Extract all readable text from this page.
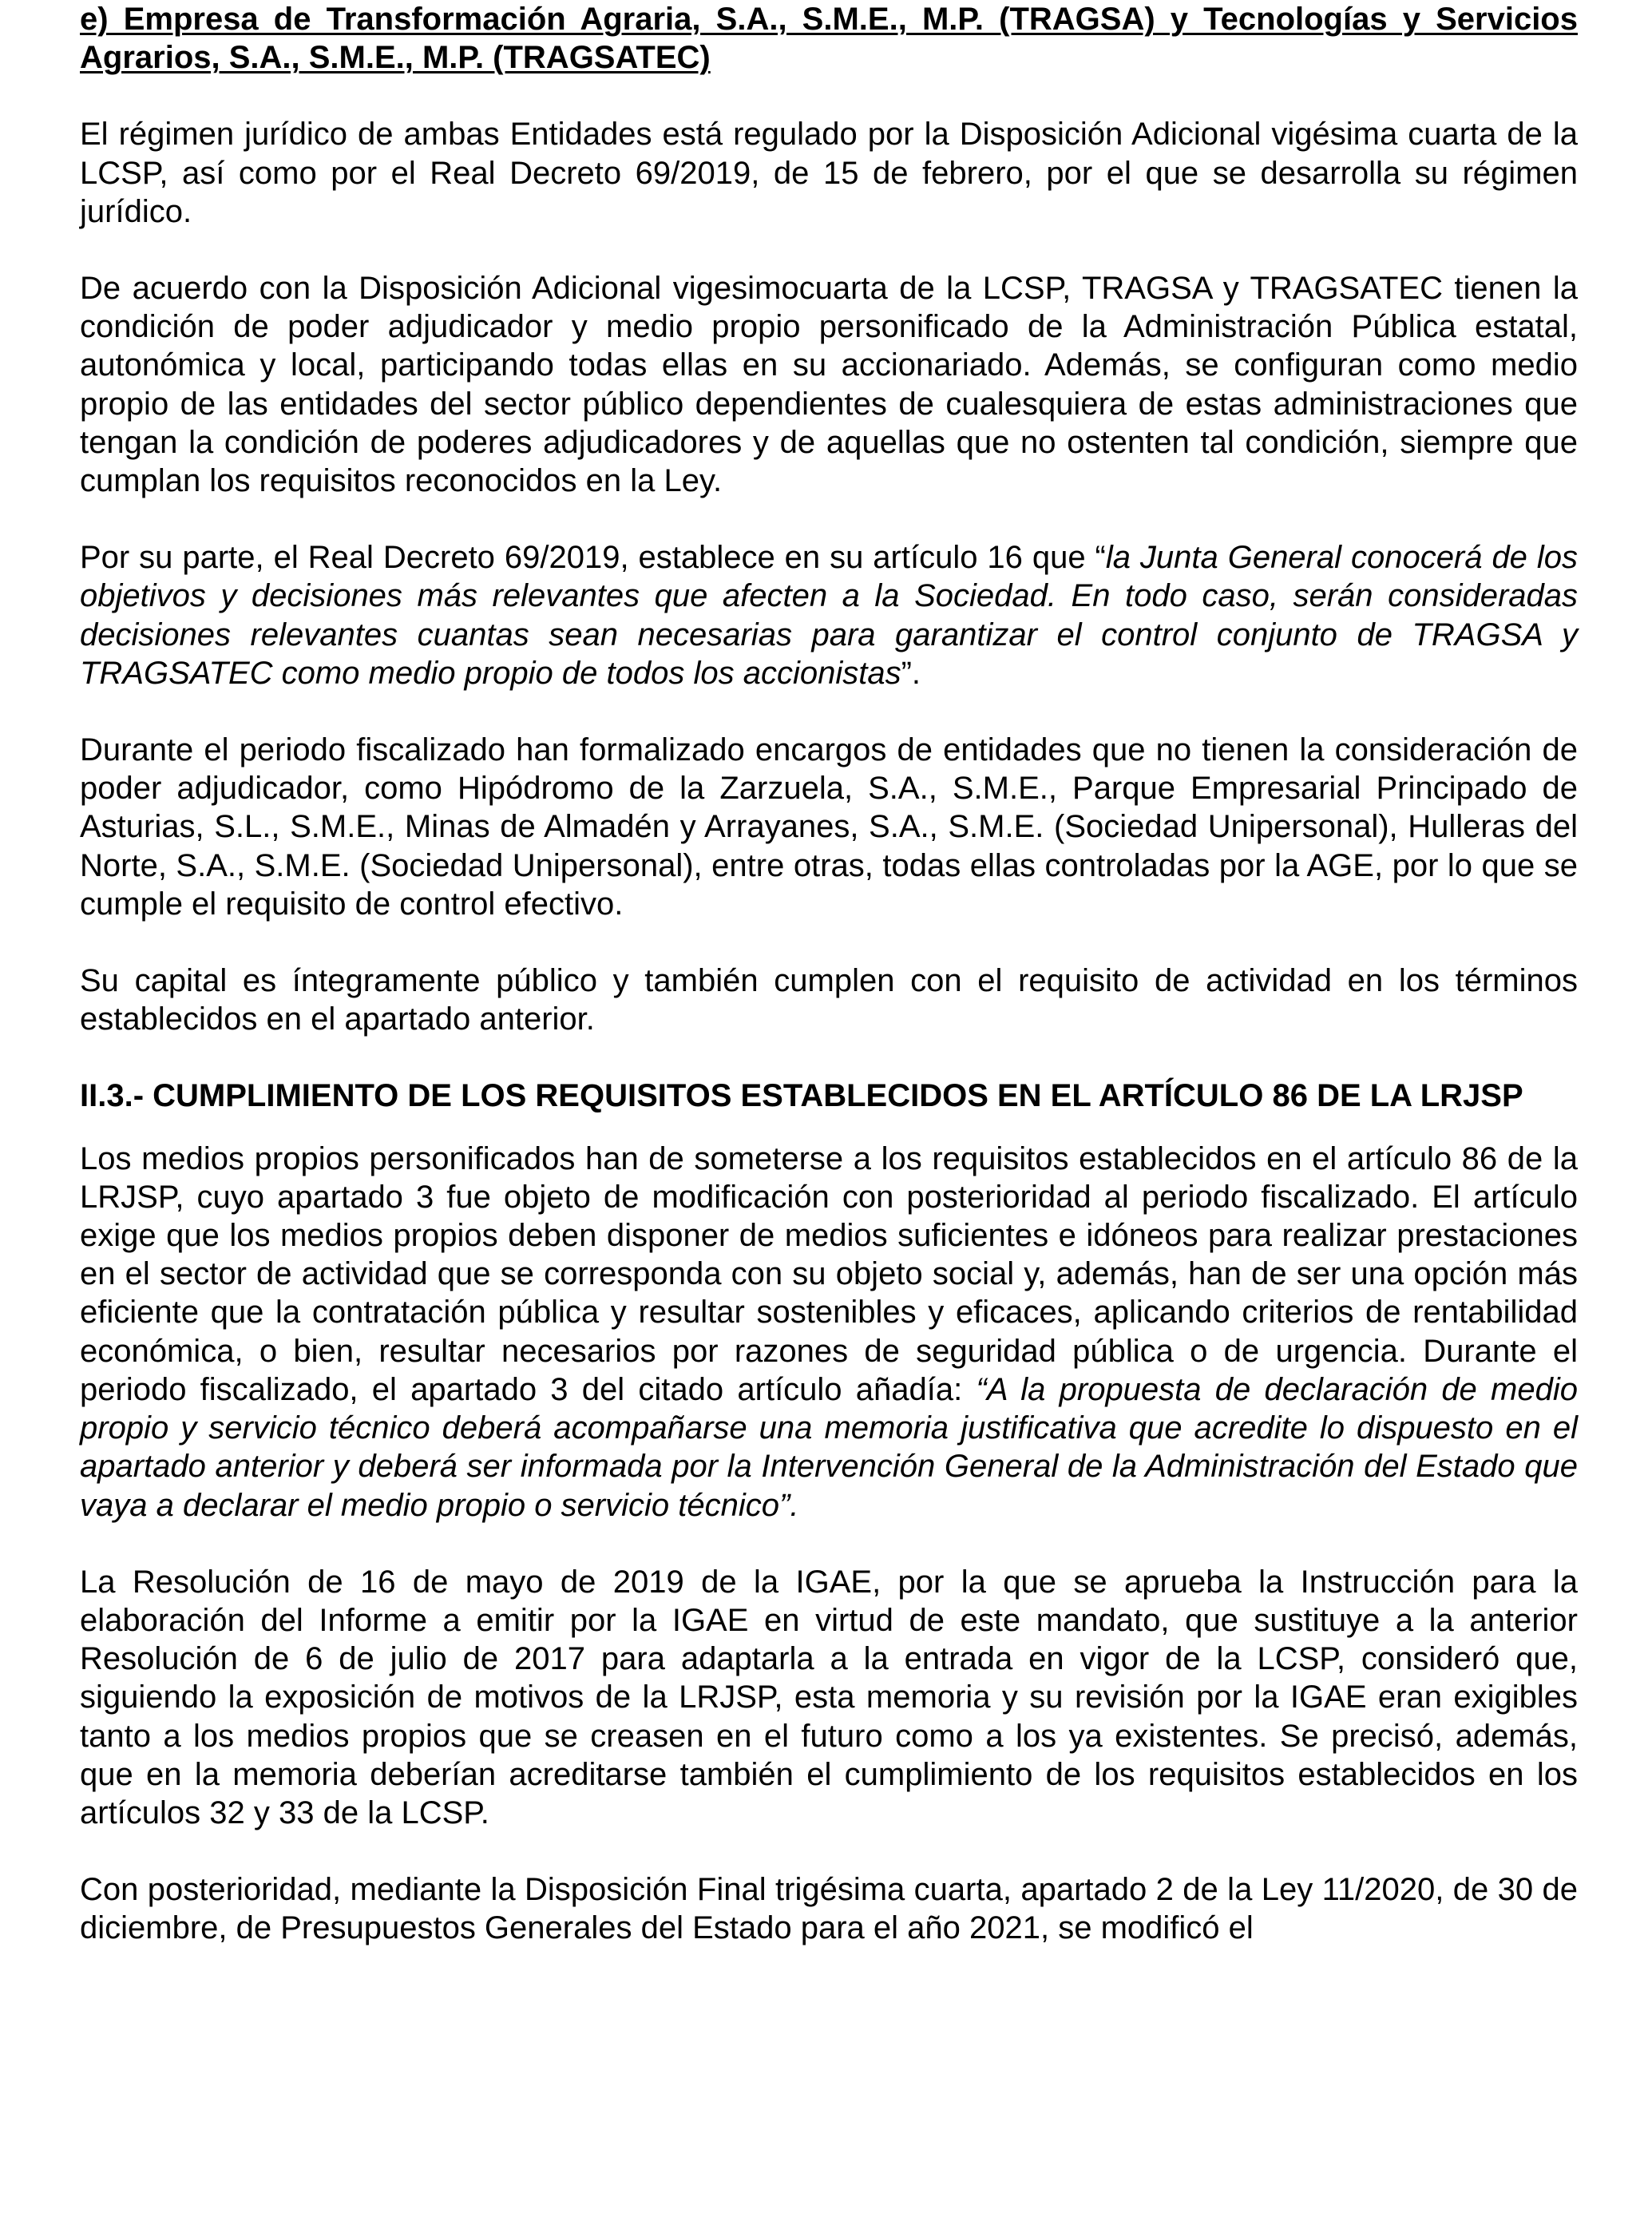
e) Empresa de Transformación Agraria, S.A., S.M.E., M.P. (TRAGSA) y Tecnologías y Servicios Agrarios, S.A., S.M.E., M.P. (TRAGSATEC)

El régimen jurídico de ambas Entidades está regulado por la Disposición Adicional vigésima cuarta de la LCSP, así como por el Real Decreto 69/2019, de 15 de febrero, por el que se desarrolla su régimen jurídico.

De acuerdo con la Disposición Adicional vigesimocuarta de la LCSP, TRAGSA y TRAGSATEC tienen la condición de poder adjudicador y medio propio personificado de la Administración Pública estatal, autonómica y local, participando todas ellas en su accionariado. Además, se configuran como medio propio de las entidades del sector público dependientes de cualesquiera de estas administraciones que tengan la condición de poderes adjudicadores y de aquellas que no ostenten tal condición, siempre que cumplan los requisitos reconocidos en la Ley.

Por su parte, el Real Decreto 69/2019, establece en su artículo 16 que “la Junta General conocerá de los objetivos y decisiones más relevantes que afecten a la Sociedad. En todo caso, serán consideradas decisiones relevantes cuantas sean necesarias para garantizar el control conjunto de TRAGSA y TRAGSATEC como medio propio de todos los accionistas”.

Durante el periodo fiscalizado han formalizado encargos de entidades que no tienen la consideración de poder adjudicador, como Hipódromo de la Zarzuela, S.A., S.M.E., Parque Empresarial Principado de Asturias, S.L., S.M.E., Minas de Almadén y Arrayanes, S.A., S.M.E. (Sociedad Unipersonal), Hulleras del Norte, S.A., S.M.E. (Sociedad Unipersonal), entre otras, todas ellas controladas por la AGE, por lo que se cumple el requisito de control efectivo.

Su capital es íntegramente público y también cumplen con el requisito de actividad en los términos establecidos en el apartado anterior.

II.3.- CUMPLIMIENTO DE LOS REQUISITOS ESTABLECIDOS EN EL ARTÍCULO 86 DE LA LRJSP

Los medios propios personificados han de someterse a los requisitos establecidos en el artículo 86 de la LRJSP, cuyo apartado 3 fue objeto de modificación con posterioridad al periodo fiscalizado. El artículo exige que los medios propios deben disponer de medios suficientes e idóneos para realizar prestaciones en el sector de actividad que se corresponda con su objeto social y, además, han de ser una opción más eficiente que la contratación pública y resultar sostenibles y eficaces, aplicando criterios de rentabilidad económica, o bien, resultar necesarios por razones de seguridad pública o de urgencia. Durante el periodo fiscalizado, el apartado 3 del citado artículo añadía: “A la propuesta de declaración de medio propio y servicio técnico deberá acompañarse una memoria justificativa que acredite lo dispuesto en el apartado anterior y deberá ser informada por la Intervención General de la Administración del Estado que vaya a declarar el medio propio o servicio técnico”.

La Resolución de 16 de mayo de 2019 de la IGAE, por la que se aprueba la Instrucción para la elaboración del Informe a emitir por la IGAE en virtud de este mandato, que sustituye a la anterior Resolución de 6 de julio de 2017 para adaptarla a la entrada en vigor de la LCSP, consideró que, siguiendo la exposición de motivos de la LRJSP, esta memoria y su revisión por la IGAE eran exigibles tanto a los medios propios que se creasen en el futuro como a los ya existentes. Se precisó, además, que en la memoria deberían acreditarse también el cumplimiento de los requisitos establecidos en los artículos 32 y 33 de la LCSP.

Con posterioridad, mediante la Disposición Final trigésima cuarta, apartado 2 de la Ley 11/2020, de 30 de diciembre, de Presupuestos Generales del Estado para el año 2021, se modificó el
